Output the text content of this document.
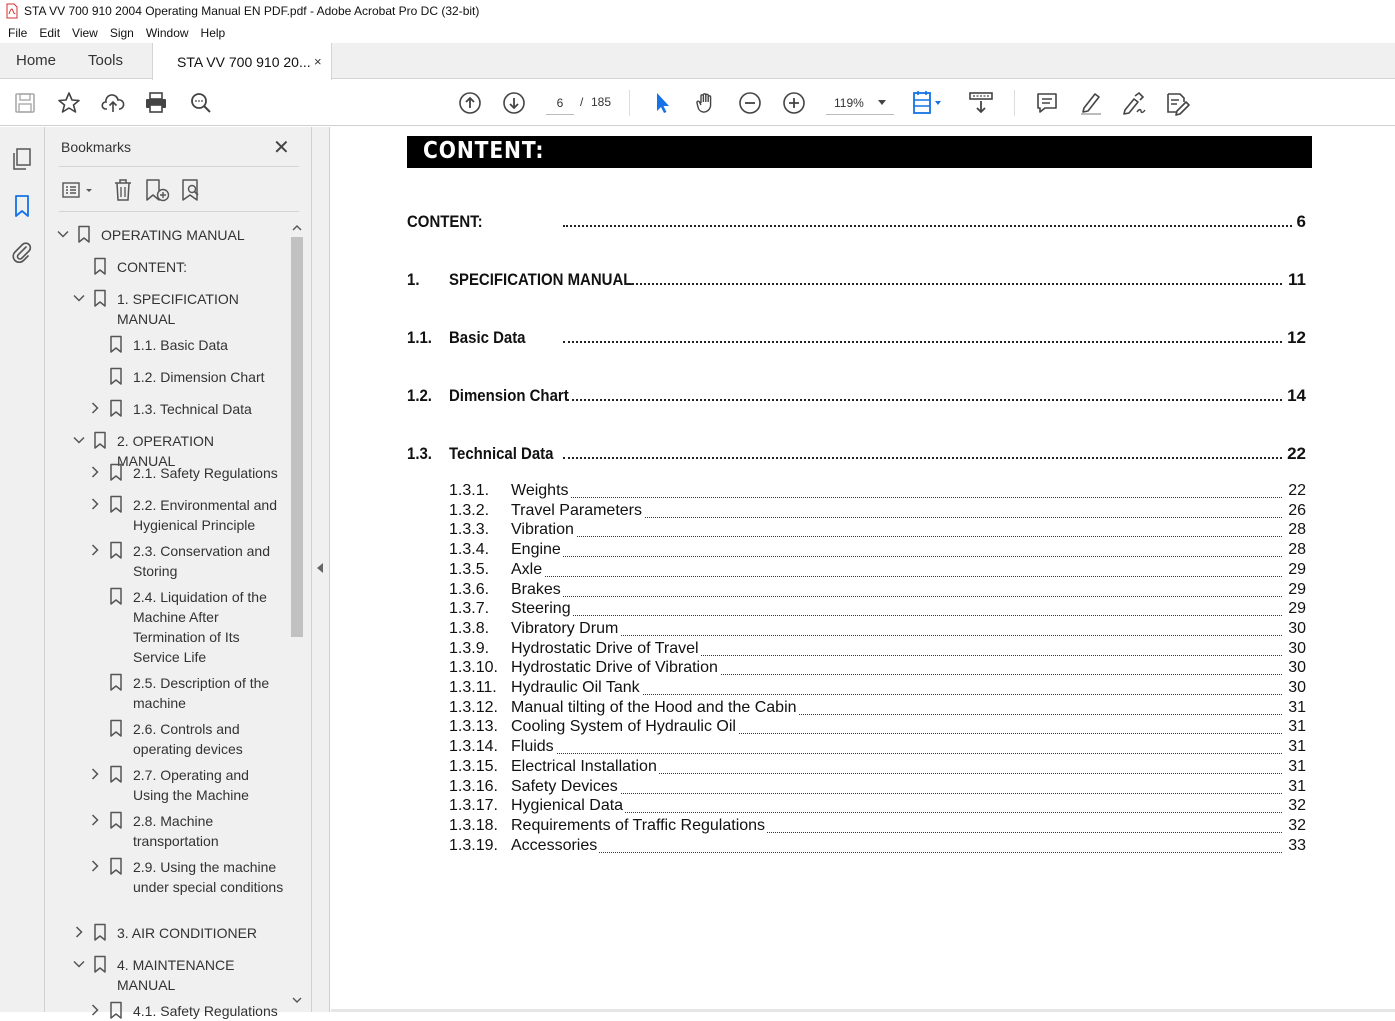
STA VV 700 910 2004 Operating Manual EN PDF.pdf - Adobe Acrobat Pro DC (32-bit)
File	Edit	View	Sign	Window	Help
Home Tools	STA VV 700 910 20... ×
6	/ 185	119%
Bookmarks	✕
OPERATING MANUAL
CONTENT:
1. SPECIFICATION MANUAL
1.1. Basic Data
1.2. Dimension Chart
1.3. Technical Data
2. OPERATION MANUAL
2.1. Safety Regulations
2.2. Environmental and Hygienical Principle
2.3. Conservation and Storing
2.4. Liquidation of the Machine After Termination of Its Service Life
2.5. Description of the machine
2.6. Controls and operating devices
2.7. Operating and Using the Machine
2.8. Machine transportation
2.9. Using the machine under special conditions
3. AIR CONDITIONER
4. MAINTENANCE MANUAL
4.1. Safety Regulations
CONTENT:
CONTENT:	6
1. SPECIFICATION MANUAL	11
1.1. Basic Data	12
1.2. Dimension Chart	14
1.3. Technical Data	22
1.3.1. Weights	22
1.3.2. Travel Parameters	26
1.3.3. Vibration	28
1.3.4. Engine	28
1.3.5. Axle	29
1.3.6. Brakes	29
1.3.7. Steering	29
1.3.8. Vibratory Drum	30
1.3.9. Hydrostatic Drive of Travel	30
1.3.10. Hydrostatic Drive of Vibration	30
1.3.11. Hydraulic Oil Tank	30
1.3.12. Manual tilting of the Hood and the Cabin	31
1.3.13. Cooling System of Hydraulic Oil	31
1.3.14. Fluids	31
1.3.15. Electrical Installation	31
1.3.16. Safety Devices	31
1.3.17. Hygienical Data	32
1.3.18. Requirements of Traffic Regulations	32
1.3.19. Accessories	33
